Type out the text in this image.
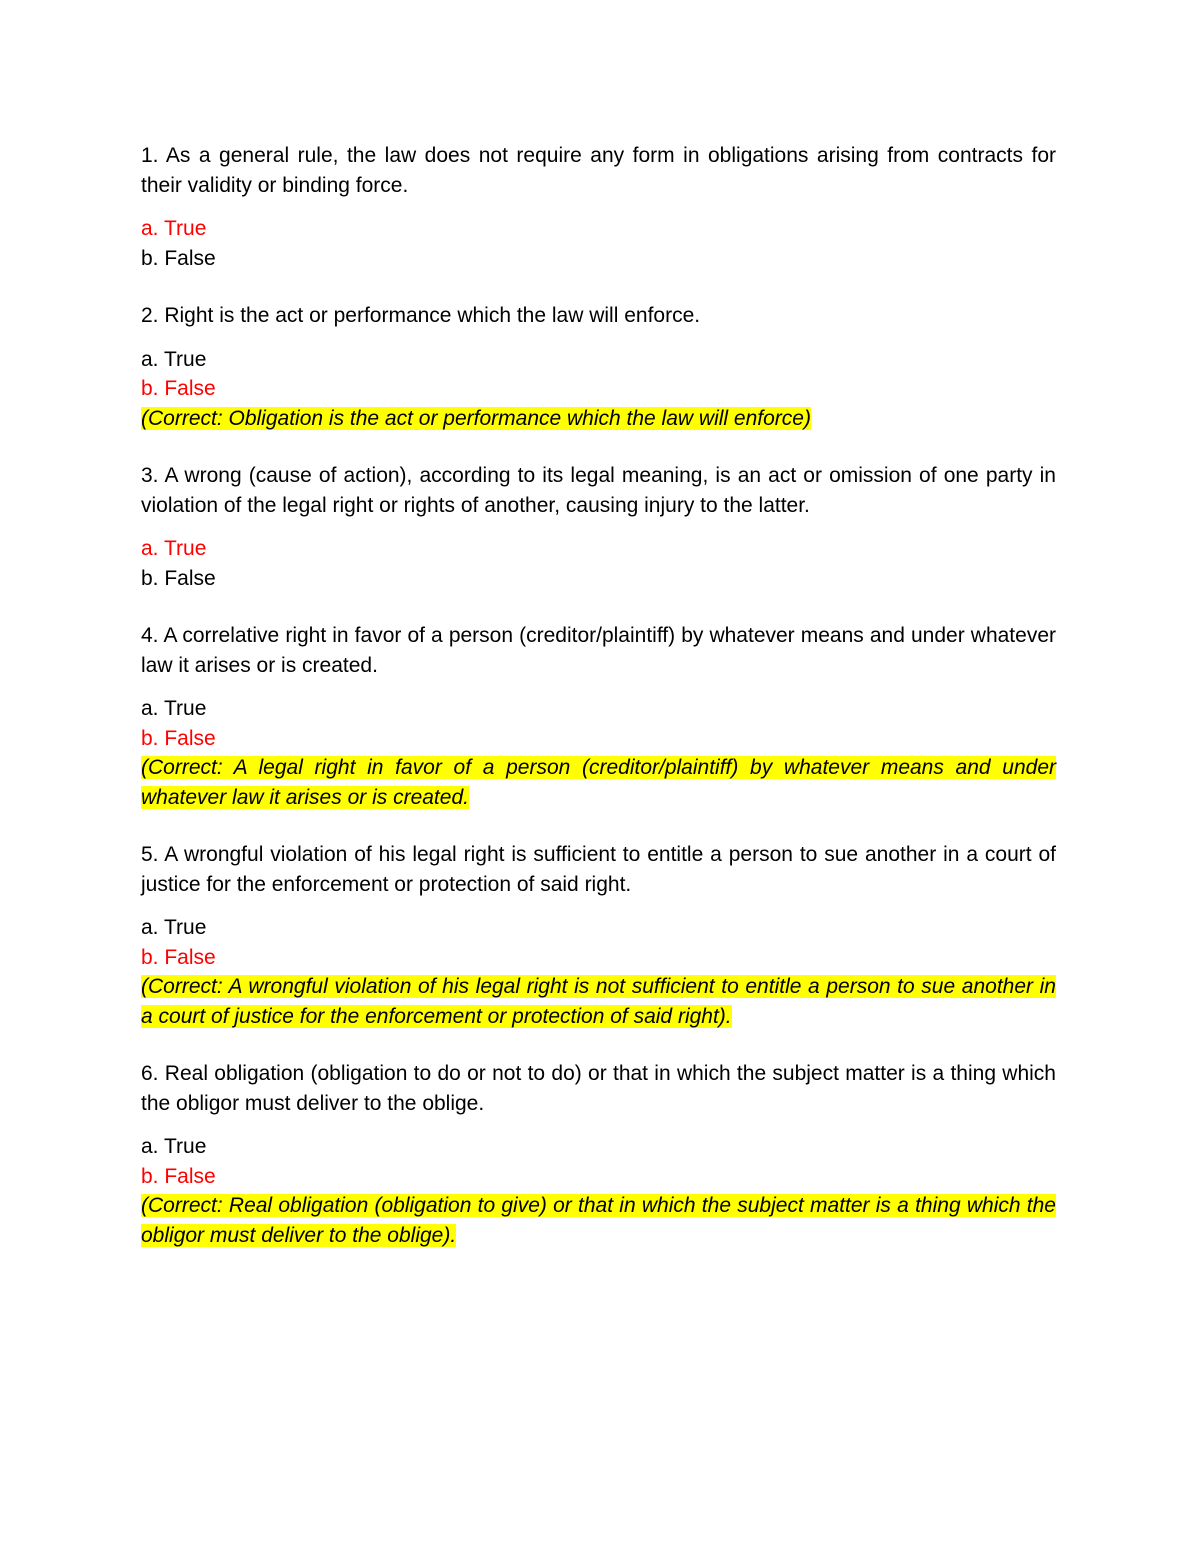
1. As a general rule, the law does not require any form in obligations arising from contracts for their validity or binding force.

a. True
b. False

2. Right is the act or performance which the law will enforce.

a. True
b. False
(Correct: Obligation is the act or performance which the law will enforce)

3. A wrong (cause of action), according to its legal meaning, is an act or omission of one party in violation of the legal right or rights of another, causing injury to the latter.

a. True
b. False

4. A correlative right in favor of a person (creditor/plaintiff) by whatever means and under whatever law it arises or is created.

a. True
b. False
(Correct: A legal right in favor of a person (creditor/plaintiff) by whatever means and under whatever law it arises or is created.

5. A wrongful violation of his legal right is sufficient to entitle a person to sue another in a court of justice for the enforcement or protection of said right.

a. True
b. False
(Correct: A wrongful violation of his legal right is not sufficient to entitle a person to sue another in a court of justice for the enforcement or protection of said right).

6. Real obligation (obligation to do or not to do) or that in which the subject matter is a thing which the obligor must deliver to the oblige.

a. True
b. False
(Correct: Real obligation (obligation to give) or that in which the subject matter is a thing which the obligor must deliver to the oblige).
